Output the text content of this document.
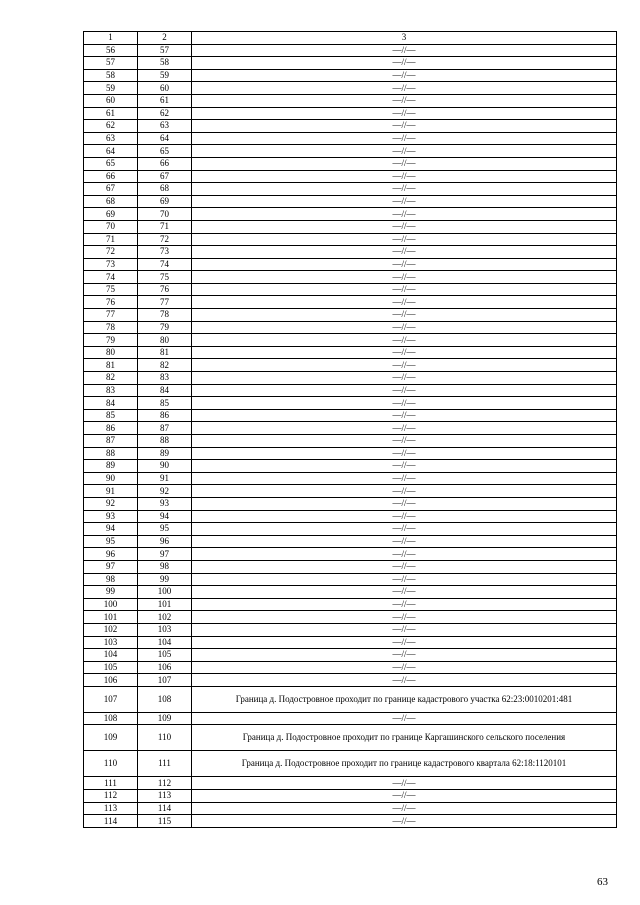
1	2	3
56	57	—//—
57	58	—//—
58	59	—//—
59	60	—//—
60	61	—//—
61	62	—//—
62	63	—//—
63	64	—//—
64	65	—//—
65	66	—//—
66	67	—//—
67	68	—//—
68	69	—//—
69	70	—//—
70	71	—//—
71	72	—//—
72	73	—//—
73	74	—//—
74	75	—//—
75	76	—//—
76	77	—//—
77	78	—//—
78	79	—//—
79	80	—//—
80	81	—//—
81	82	—//—
82	83	—//—
83	84	—//—
84	85	—//—
85	86	—//—
86	87	—//—
87	88	—//—
88	89	—//—
89	90	—//—
90	91	—//—
91	92	—//—
92	93	—//—
93	94	—//—
94	95	—//—
95	96	—//—
96	97	—//—
97	98	—//—
98	99	—//—
99	100	—//—
100	101	—//—
101	102	—//—
102	103	—//—
103	104	—//—
104	105	—//—
105	106	—//—
106	107	—//—
107	108	Граница д. Подостровное проходит по границе кадастрового участка 62:23:0010201:481
108	109	—//—
109	110	Граница д. Подостровное проходит по границе Каргашинского сельского поселения
110	111	Граница д. Подостровное проходит по границе кадастрового квартала 62:18:1120101
111	112	—//—
112	113	—//—
113	114	—//—
114	115	—//—
63
